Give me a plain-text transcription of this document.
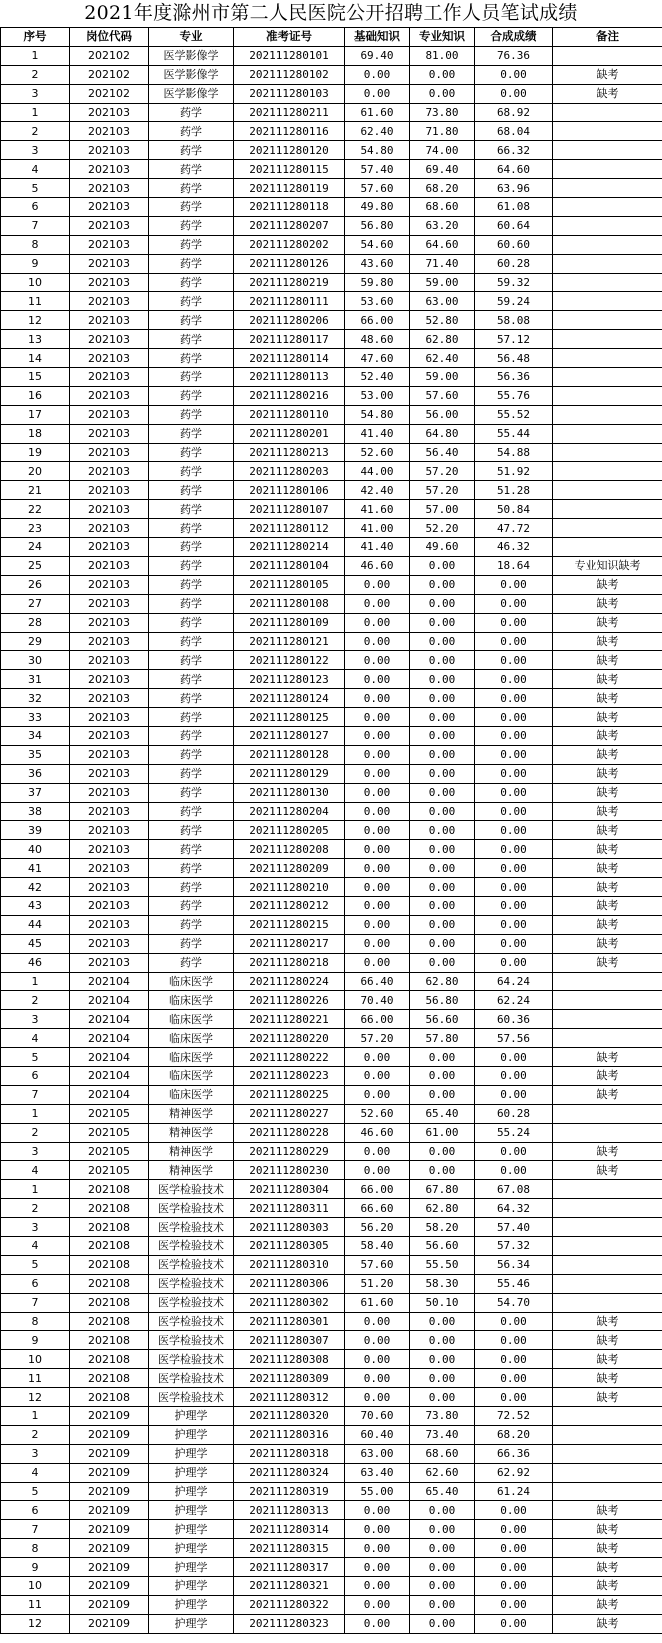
2021年度滁州市第二人民医院公开招聘工作人员笔试成绩
序号	岗位代码	专业	准考证号	基础知识	专业知识	合成成绩	备注
1	202102	医学影像学	202111280101	69.40	81.00	76.36	
2	202102	医学影像学	202111280102	0.00	0.00	0.00	缺考
3	202102	医学影像学	202111280103	0.00	0.00	0.00	缺考
1	202103	药学	202111280211	61.60	73.80	68.92	
2	202103	药学	202111280116	62.40	71.80	68.04	
3	202103	药学	202111280120	54.80	74.00	66.32	
4	202103	药学	202111280115	57.40	69.40	64.60	
5	202103	药学	202111280119	57.60	68.20	63.96	
6	202103	药学	202111280118	49.80	68.60	61.08	
7	202103	药学	202111280207	56.80	63.20	60.64	
8	202103	药学	202111280202	54.60	64.60	60.60	
9	202103	药学	202111280126	43.60	71.40	60.28	
10	202103	药学	202111280219	59.80	59.00	59.32	
11	202103	药学	202111280111	53.60	63.00	59.24	
12	202103	药学	202111280206	66.00	52.80	58.08	
13	202103	药学	202111280117	48.60	62.80	57.12	
14	202103	药学	202111280114	47.60	62.40	56.48	
15	202103	药学	202111280113	52.40	59.00	56.36	
16	202103	药学	202111280216	53.00	57.60	55.76	
17	202103	药学	202111280110	54.80	56.00	55.52	
18	202103	药学	202111280201	41.40	64.80	55.44	
19	202103	药学	202111280213	52.60	56.40	54.88	
20	202103	药学	202111280203	44.00	57.20	51.92	
21	202103	药学	202111280106	42.40	57.20	51.28	
22	202103	药学	202111280107	41.60	57.00	50.84	
23	202103	药学	202111280112	41.00	52.20	47.72	
24	202103	药学	202111280214	41.40	49.60	46.32	
25	202103	药学	202111280104	46.60	0.00	18.64	专业知识缺考
26	202103	药学	202111280105	0.00	0.00	0.00	缺考
27	202103	药学	202111280108	0.00	0.00	0.00	缺考
28	202103	药学	202111280109	0.00	0.00	0.00	缺考
29	202103	药学	202111280121	0.00	0.00	0.00	缺考
30	202103	药学	202111280122	0.00	0.00	0.00	缺考
31	202103	药学	202111280123	0.00	0.00	0.00	缺考
32	202103	药学	202111280124	0.00	0.00	0.00	缺考
33	202103	药学	202111280125	0.00	0.00	0.00	缺考
34	202103	药学	202111280127	0.00	0.00	0.00	缺考
35	202103	药学	202111280128	0.00	0.00	0.00	缺考
36	202103	药学	202111280129	0.00	0.00	0.00	缺考
37	202103	药学	202111280130	0.00	0.00	0.00	缺考
38	202103	药学	202111280204	0.00	0.00	0.00	缺考
39	202103	药学	202111280205	0.00	0.00	0.00	缺考
40	202103	药学	202111280208	0.00	0.00	0.00	缺考
41	202103	药学	202111280209	0.00	0.00	0.00	缺考
42	202103	药学	202111280210	0.00	0.00	0.00	缺考
43	202103	药学	202111280212	0.00	0.00	0.00	缺考
44	202103	药学	202111280215	0.00	0.00	0.00	缺考
45	202103	药学	202111280217	0.00	0.00	0.00	缺考
46	202103	药学	202111280218	0.00	0.00	0.00	缺考
1	202104	临床医学	202111280224	66.40	62.80	64.24	
2	202104	临床医学	202111280226	70.40	56.80	62.24	
3	202104	临床医学	202111280221	66.00	56.60	60.36	
4	202104	临床医学	202111280220	57.20	57.80	57.56	
5	202104	临床医学	202111280222	0.00	0.00	0.00	缺考
6	202104	临床医学	202111280223	0.00	0.00	0.00	缺考
7	202104	临床医学	202111280225	0.00	0.00	0.00	缺考
1	202105	精神医学	202111280227	52.60	65.40	60.28	
2	202105	精神医学	202111280228	46.60	61.00	55.24	
3	202105	精神医学	202111280229	0.00	0.00	0.00	缺考
4	202105	精神医学	202111280230	0.00	0.00	0.00	缺考
1	202108	医学检验技术	202111280304	66.00	67.80	67.08	
2	202108	医学检验技术	202111280311	66.60	62.80	64.32	
3	202108	医学检验技术	202111280303	56.20	58.20	57.40	
4	202108	医学检验技术	202111280305	58.40	56.60	57.32	
5	202108	医学检验技术	202111280310	57.60	55.50	56.34	
6	202108	医学检验技术	202111280306	51.20	58.30	55.46	
7	202108	医学检验技术	202111280302	61.60	50.10	54.70	
8	202108	医学检验技术	202111280301	0.00	0.00	0.00	缺考
9	202108	医学检验技术	202111280307	0.00	0.00	0.00	缺考
10	202108	医学检验技术	202111280308	0.00	0.00	0.00	缺考
11	202108	医学检验技术	202111280309	0.00	0.00	0.00	缺考
12	202108	医学检验技术	202111280312	0.00	0.00	0.00	缺考
1	202109	护理学	202111280320	70.60	73.80	72.52	
2	202109	护理学	202111280316	60.40	73.40	68.20	
3	202109	护理学	202111280318	63.00	68.60	66.36	
4	202109	护理学	202111280324	63.40	62.60	62.92	
5	202109	护理学	202111280319	55.00	65.40	61.24	
6	202109	护理学	202111280313	0.00	0.00	0.00	缺考
7	202109	护理学	202111280314	0.00	0.00	0.00	缺考
8	202109	护理学	202111280315	0.00	0.00	0.00	缺考
9	202109	护理学	202111280317	0.00	0.00	0.00	缺考
10	202109	护理学	202111280321	0.00	0.00	0.00	缺考
11	202109	护理学	202111280322	0.00	0.00	0.00	缺考
12	202109	护理学	202111280323	0.00	0.00	0.00	缺考
